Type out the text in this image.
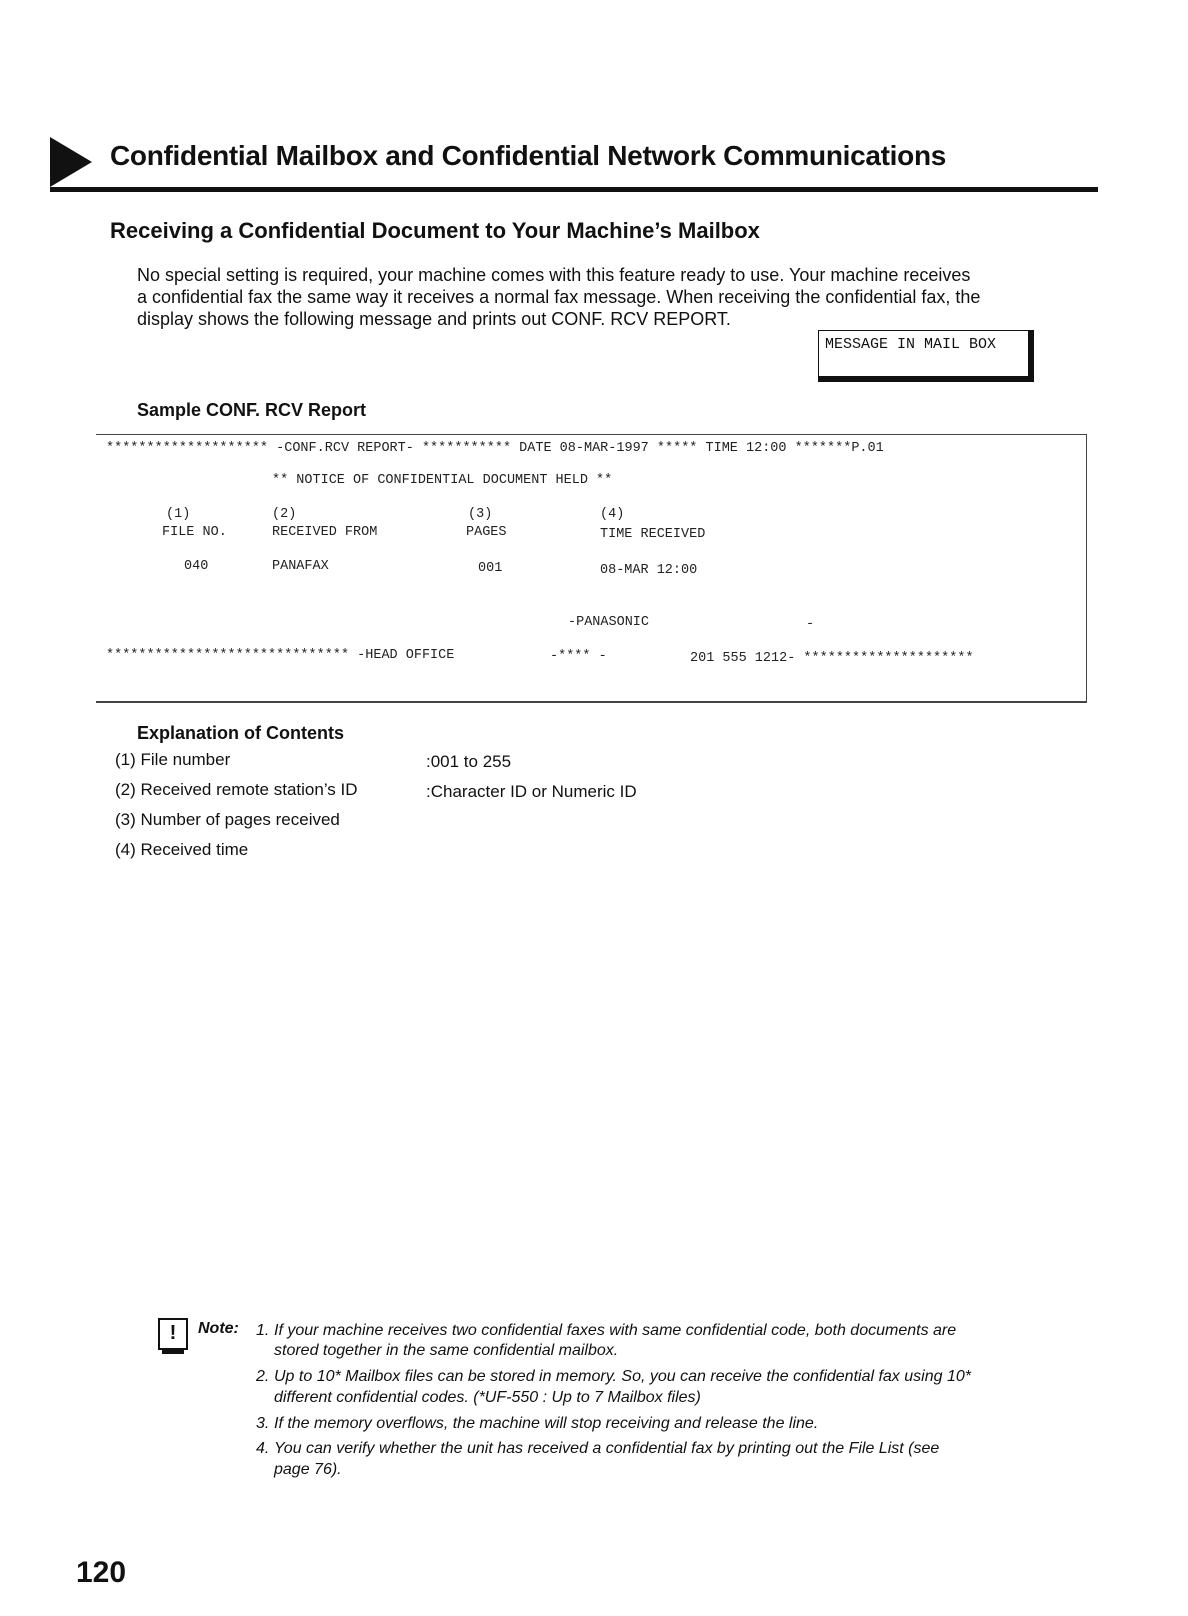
Confidential Mailbox and Confidential Network Communications
Receiving a Confidential Document to Your Machine’s Mailbox

No special setting is required, your machine comes with this feature ready to use. Your machine receives

a confidential fax the same way it receives a normal fax message. When receiving the confidential fax, the

display shows the following message and prints out CONF. RCV REPORT.

MESSAGE IN MAIL BOX
Sample CONF. RCV Report
******************** -CONF.RCV REPORT- *********** DATE 08-MAR-1997 ***** TIME 12:00 *******P.01
** NOTICE OF CONFIDENTIAL DOCUMENT HELD **
(1)	(2)	(3)	(4)
FILE NO.	RECEIVED FROM	PAGES	TIME RECEIVED
040	PANAFAX	001	08-MAR 12:00
-PANASONIC	-
****************************** -HEAD OFFICE	-**** -	201 555 1212- *********************
Explanation of Contents
(1) File number	:001 to 255
(2) Received remote station’s ID	:Character ID or Numeric ID
(3) Number of pages received
(4) Received time
!	Note: 1. If your machine receives two confidential faxes with same confidential code, both documents are
stored together in the same confidential mailbox.
2. Up to 10* Mailbox files can be stored in memory. So, you can receive the confidential fax using 10*
different confidential codes. (*UF-550 : Up to 7 Mailbox files)
3. If the memory overflows, the machine will stop receiving and release the line.
4. You can verify whether the unit has received a confidential fax by printing out the File List (see
page 76).
120
